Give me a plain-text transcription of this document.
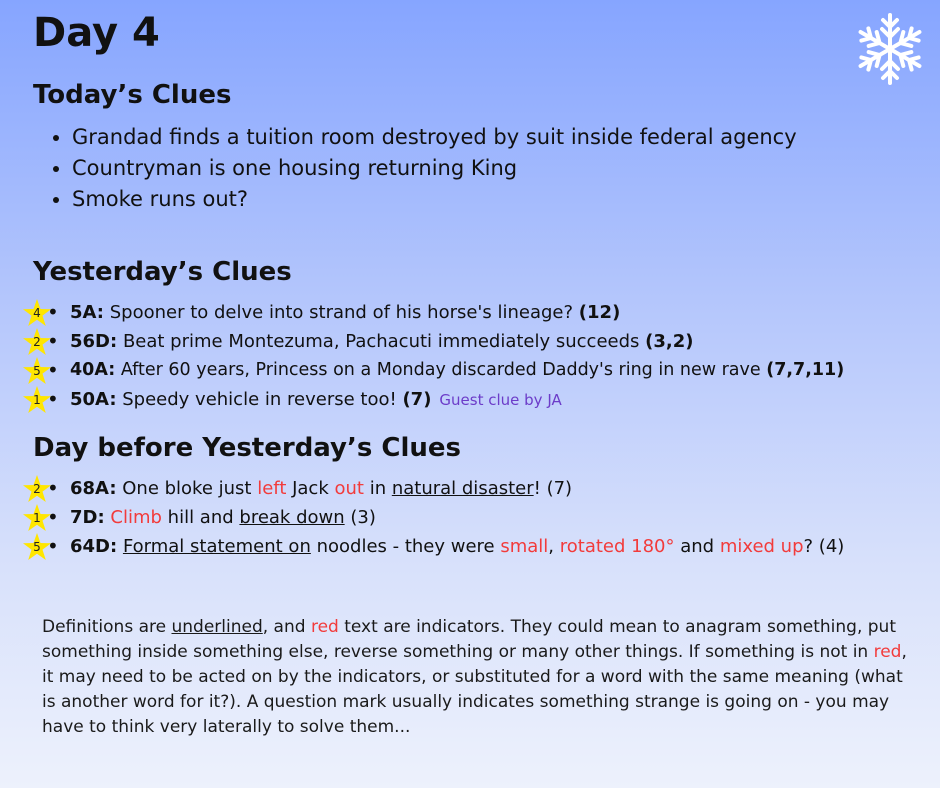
Day 4
Today’s Clues
• Grandad finds a tuition room destroyed by suit inside federal agency
• Countryman is one housing returning King
• Smoke runs out?
Yesterday’s Clues
4 • 5A: Spooner to delve into strand of his horse's lineage? (12)
2 • 56D: Beat prime Montezuma, Pachacuti immediately succeeds (3,2)
5 • 40A: After 60 years, Princess on a Monday discarded Daddy's ring in new rave (7,7,11)
1 • 50A: Speedy vehicle in reverse too! (7) Guest clue by JA
Day before Yesterday’s Clues
2 • 68A: One bloke just left Jack out in natural disaster! (7)
1 • 7D: Climb hill and break down (3)
5 • 64D: Formal statement on noodles - they were small, rotated 180° and mixed up? (4)

Definitions are underlined, and red text are indicators. They could mean to anagram something, put something inside something else, reverse something or many other things. If something is not in red, it may need to be acted on by the indicators, or substituted for a word with the same meaning (what is another word for it?). A question mark usually indicates something strange is going on - you may have to think very laterally to solve them...
